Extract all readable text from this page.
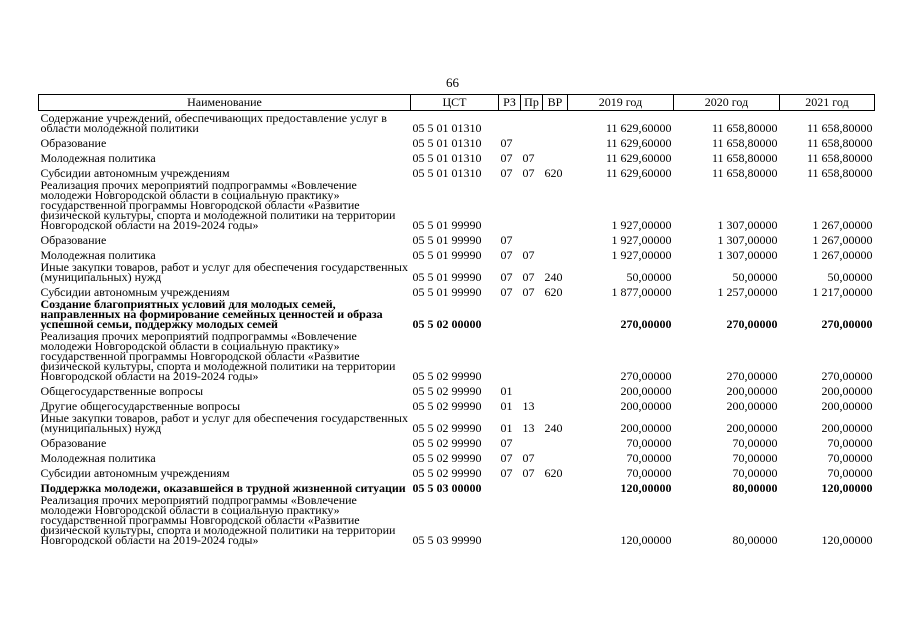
66
Наименование	ЦСТ	РЗ	Пр	ВР	2019 год	2020 год	2021 год
Содержание учреждений, обеспечивающих предоставление услуг в области молодежной политики	05 5 01 01310				11 629,60000	11 658,80000	11 658,80000
Образование	05 5 01 01310	07			11 629,60000	11 658,80000	11 658,80000
Молодежная политика	05 5 01 01310	07	07		11 629,60000	11 658,80000	11 658,80000
Субсидии автономным учреждениям	05 5 01 01310	07	07	620	11 629,60000	11 658,80000	11 658,80000
Реализация прочих мероприятий подпрограммы «Вовлечение молодежи Новгородской области в социальную практику» государственной программы Новгородской области «Развитие физической культуры, спорта и молодежной политики на территории Новгородской области на 2019-2024 годы»	05 5 01 99990				1 927,00000	1 307,00000	1 267,00000
Образование	05 5 01 99990	07			1 927,00000	1 307,00000	1 267,00000
Молодежная политика	05 5 01 99990	07	07		1 927,00000	1 307,00000	1 267,00000
Иные закупки товаров, работ и услуг для обеспечения государственных (муниципальных) нужд	05 5 01 99990	07	07	240	50,00000	50,00000	50,00000
Субсидии автономным учреждениям	05 5 01 99990	07	07	620	1 877,00000	1 257,00000	1 217,00000
Создание благоприятных условий для молодых семей, направленных на формирование семейных ценностей и образа успешной семьи, поддержку молодых семей	05 5 02 00000				270,00000	270,00000	270,00000
Реализация прочих мероприятий подпрограммы «Вовлечение молодежи Новгородской области в социальную практику» государственной программы Новгородской области «Развитие физической культуры, спорта и молодежной политики на территории Новгородской области на 2019-2024 годы»	05 5 02 99990				270,00000	270,00000	270,00000
Общегосударственные вопросы	05 5 02 99990	01			200,00000	200,00000	200,00000
Другие общегосударственные вопросы	05 5 02 99990	01	13		200,00000	200,00000	200,00000
Иные закупки товаров, работ и услуг для обеспечения государственных (муниципальных) нужд	05 5 02 99990	01	13	240	200,00000	200,00000	200,00000
Образование	05 5 02 99990	07			70,00000	70,00000	70,00000
Молодежная политика	05 5 02 99990	07	07		70,00000	70,00000	70,00000
Субсидии автономным учреждениям	05 5 02 99990	07	07	620	70,00000	70,00000	70,00000
Поддержка молодежи, оказавшейся в трудной жизненной ситуации	05 5 03 00000				120,00000	80,00000	120,00000
Реализация прочих мероприятий подпрограммы «Вовлечение молодежи Новгородской области в социальную практику» государственной программы Новгородской области «Развитие физической культуры, спорта и молодежной политики на территории Новгородской области на 2019-2024 годы»	05 5 03 99990				120,00000	80,00000	120,00000
